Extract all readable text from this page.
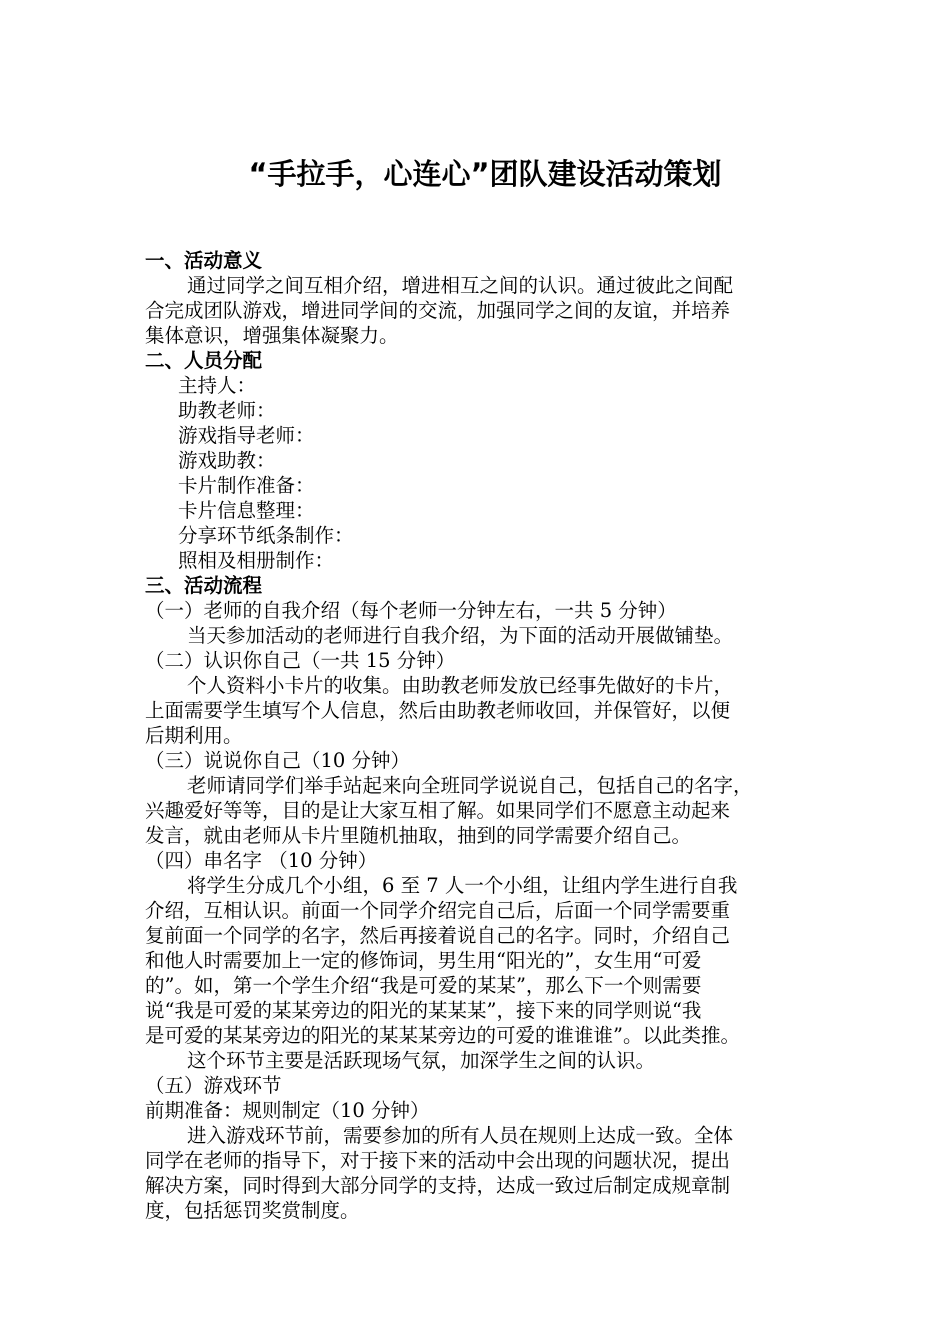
“手拉手，心连心”团队建设活动策划
一、活动意义
通过同学之间互相介绍，增进相互之间的认识。通过彼此之间配
合完成团队游戏，增进同学间的交流，加强同学之间的友谊，并培养
集体意识，增强集体凝聚力。
二、人员分配
主持人：
助教老师：
游戏指导老师：
游戏助教：
卡片制作准备：
卡片信息整理：
分享环节纸条制作：
照相及相册制作：
三、活动流程
（一）老师的自我介绍（每个老师一分钟左右，一共 5 分钟）
当天参加活动的老师进行自我介绍，为下面的活动开展做铺垫。
（二）认识你自己（一共 15 分钟）
个人资料小卡片的收集。由助教老师发放已经事先做好的卡片，
上面需要学生填写个人信息，然后由助教老师收回，并保管好，以便
后期利用。
（三）说说你自己（10 分钟）
老师请同学们举手站起来向全班同学说说自己，包括自己的名字，
兴趣爱好等等，目的是让大家互相了解。如果同学们不愿意主动起来
发言，就由老师从卡片里随机抽取，抽到的同学需要介绍自己。
（四）串名字 （10 分钟）
将学生分成几个小组，6 至 7 人一个小组，让组内学生进行自我
介绍，互相认识。前面一个同学介绍完自己后，后面一个同学需要重
复前面一个同学的名字，然后再接着说自己的名字。同时，介绍自己
和他人时需要加上一定的修饰词，男生用“阳光的”，女生用“可爱
的”。如，第一个学生介绍“我是可爱的某某”，那么下一个则需要
说“我是可爱的某某旁边的阳光的某某某”，接下来的同学则说“我
是可爱的某某旁边的阳光的某某某旁边的可爱的谁谁谁”。以此类推。
这个环节主要是活跃现场气氛，加深学生之间的认识。
（五）游戏环节
前期准备：规则制定（10 分钟）
进入游戏环节前，需要参加的所有人员在规则上达成一致。全体
同学在老师的指导下，对于接下来的活动中会出现的问题状况，提出
解决方案，同时得到大部分同学的支持，达成一致过后制定成规章制
度，包括惩罚奖赏制度。
